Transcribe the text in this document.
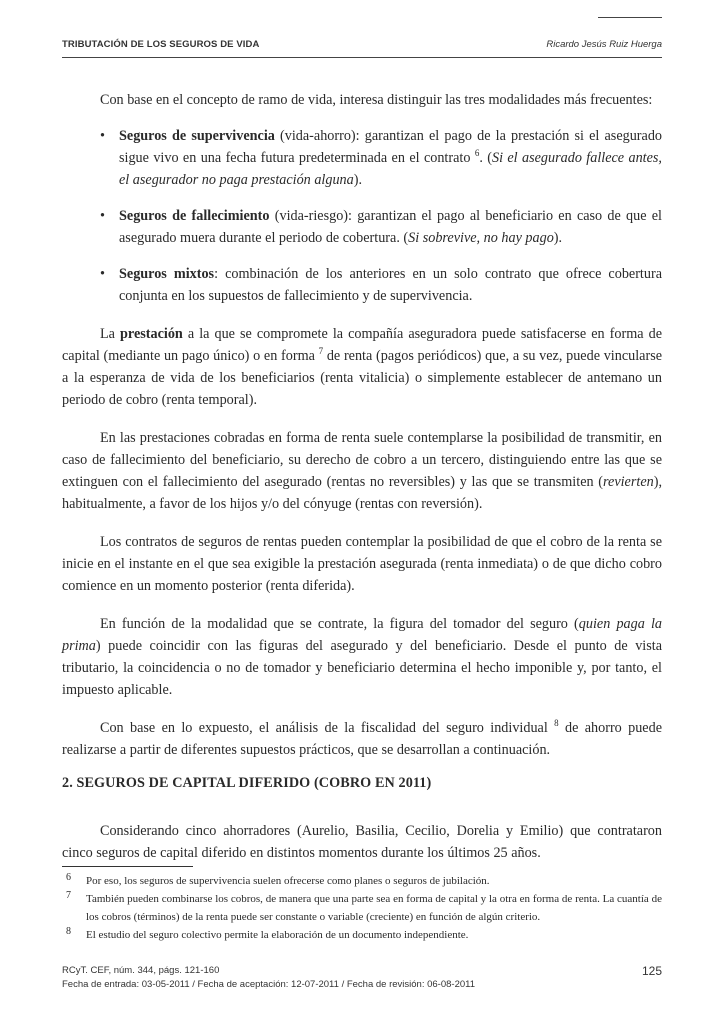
TRIBUTACIÓN DE LOS SEGUROS DE VIDA	Ricardo Jesús Ruiz Huerga

Con base en el concepto de ramo de vida, interesa distinguir las tres modalidades más frecuentes:

• Seguros de supervivencia (vida-ahorro): garantizan el pago de la prestación si el asegurado sigue vivo en una fecha futura predeterminada en el contrato $^6$. (Si el asegurado fallece antes, el asegurador no paga prestación alguna).

• Seguros de fallecimiento (vida-riesgo): garantizan el pago al beneficiario en caso de que el asegurado muera durante el periodo de cobertura. (Si sobrevive, no hay pago).

• Seguros mixtos: combinación de los anteriores en un solo contrato que ofrece cobertura conjunta en los supuestos de fallecimiento y de supervivencia.

La prestación a la que se compromete la compañía aseguradora puede satisfacerse en forma de capital (mediante un pago único) o en forma $^7$ de renta (pagos periódicos) que, a su vez, puede vincularse a la esperanza de vida de los beneficiarios (renta vitalicia) o simplemente establecer de antemano un periodo de cobro (renta temporal).

En las prestaciones cobradas en forma de renta suele contemplarse la posibilidad de transmitir, en caso de fallecimiento del beneficiario, su derecho de cobro a un tercero, distinguiendo entre las que se extinguen con el fallecimiento del asegurado (rentas no reversibles) y las que se transmiten (revierten), habitualmente, a favor de los hijos y/o del cónyuge (rentas con reversión).

Los contratos de seguros de rentas pueden contemplar la posibilidad de que el cobro de la renta se inicie en el instante en el que sea exigible la prestación asegurada (renta inmediata) o de que dicho cobro comience en un momento posterior (renta diferida).

En función de la modalidad que se contrate, la figura del tomador del seguro (quien paga la prima) puede coincidir con las figuras del asegurado y del beneficiario. Desde el punto de vista tributario, la coincidencia o no de tomador y beneficiario determina el hecho imponible y, por tanto, el impuesto aplicable.

Con base en lo expuesto, el análisis de la fiscalidad del seguro individual $^8$ de ahorro puede realizarse a partir de diferentes supuestos prácticos, que se desarrollan a continuación.

2. SEGUROS DE CAPITAL DIFERIDO (COBRO EN 2011)

Considerando cinco ahorradores (Aurelio, Basilia, Cecilio, Dorelia y Emilio) que contrataron cinco seguros de capital diferido en distintos momentos durante los últimos 25 años.

6 Por eso, los seguros de supervivencia suelen ofrecerse como planes o seguros de jubilación.
7 También pueden combinarse los cobros, de manera que una parte sea en forma de capital y la otra en forma de renta. La cuantía de los cobros (términos) de la renta puede ser constante o variable (creciente) en función de algún criterio.
8 El estudio del seguro colectivo permite la elaboración de un documento independiente.
RCyT. CEF, núm. 344, págs. 121-160
Fecha de entrada: 03-05-2011 / Fecha de aceptación: 12-07-2011 / Fecha de revisión: 06-08-2011
125
